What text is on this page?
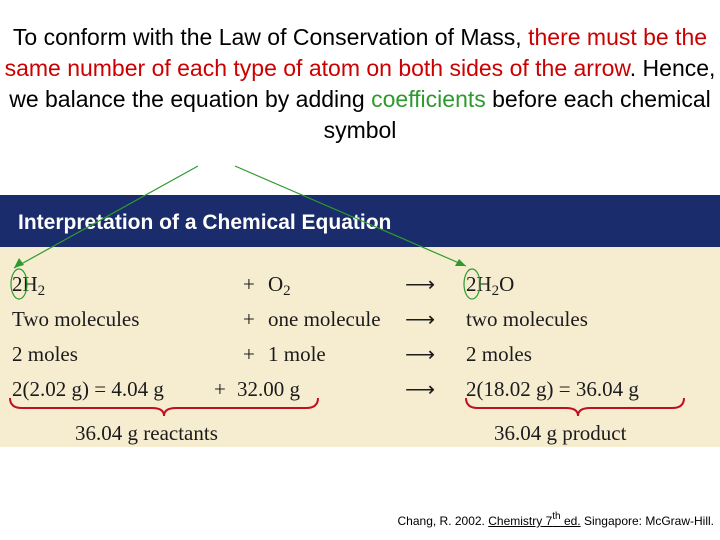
To conform with the Law of Conservation of Mass, there must be the same number of each type of atom on both sides of the arrow. Hence, we balance the equation by adding coefficients before each chemical symbol

Interpretation of a Chemical Equation
2H2	+ O2	⟶ 2H2O
Two molecules	+ one molecule ⟶ two molecules
2 moles	+ 1 mole	⟶ 2 moles
2(2.02 g) = 4.04 g + 32.00 g	⟶ 2(18.02 g) = 36.04 g
36.04 g reactants	36.04 g product
Chang, R. 2002. Chemistry 7th ed. Singapore: McGraw-Hill.
